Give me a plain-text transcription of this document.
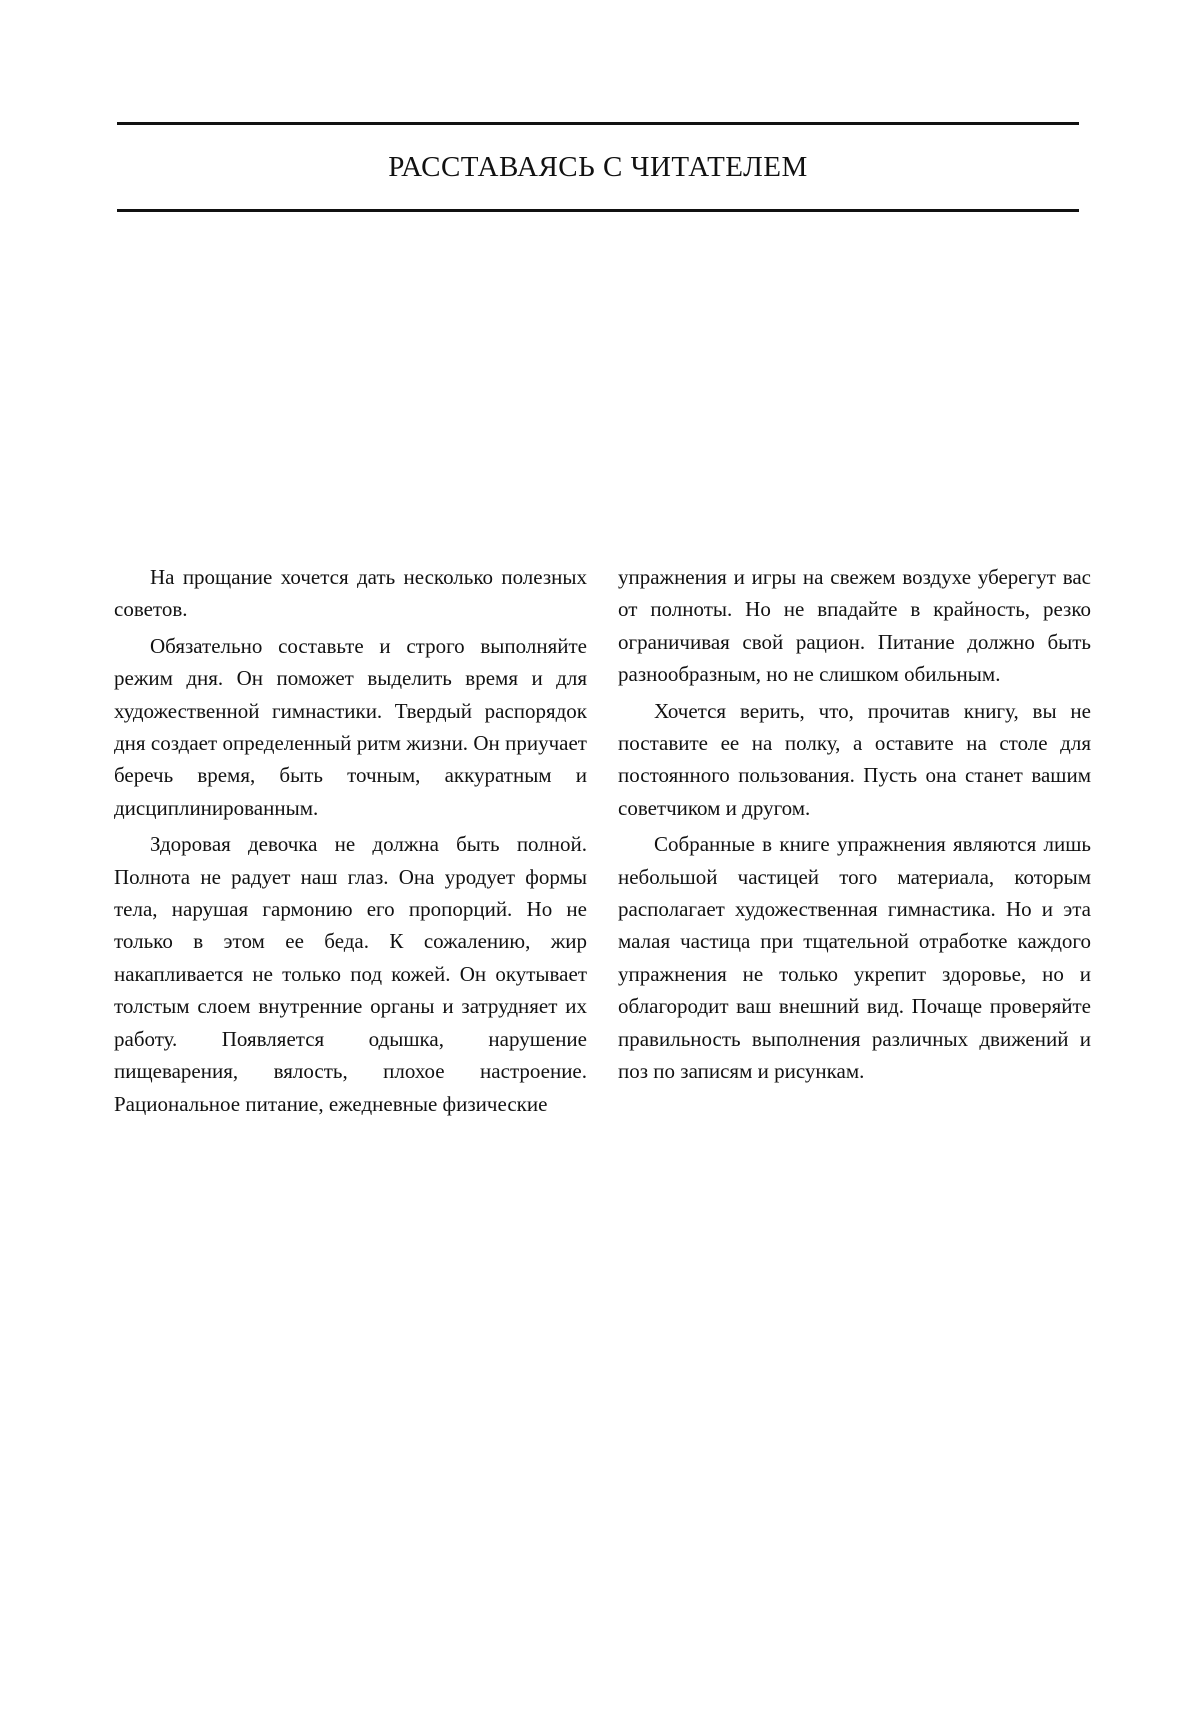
РАССТАВАЯСЬ С ЧИТАТЕЛЕМ

На прощание хочется дать несколько полезных советов.

Обязательно составьте и строго выполняйте режим дня. Он поможет выделить время и для художественной гимнастики. Твердый распорядок дня создает определенный ритм жизни. Он приучает беречь время, быть точным, аккуратным и дисциплинированным.

Здоровая девочка не должна быть полной. Полнота не радует наш глаз. Она уродует формы тела, нарушая гармонию его пропорций. Но не только в этом ее беда. К сожалению, жир накапливается не только под кожей. Он окутывает толстым слоем внутренние органы и затрудняет их работу. Появляется одышка, нарушение пищеварения, вялость, плохое настроение. Рациональное питание, ежедневные физические

упражнения и игры на свежем воздухе уберегут вас от полноты. Но не впадайте в крайность, резко ограничивая свой рацион. Питание должно быть разнообразным, но не слишком обильным.

Хочется верить, что, прочитав книгу, вы не поставите ее на полку, а оставите на столе для постоянного пользования. Пусть она станет вашим советчиком и другом.

Собранные в книге упражнения являются лишь небольшой частицей того материала, которым располагает художественная гимнастика. Но и эта малая частица при тщательной отработке каждого упражнения не только укрепит здоровье, но и облагородит ваш внешний вид. Почаще проверяйте правильность выполнения различных движений и поз по записям и рисункам.
